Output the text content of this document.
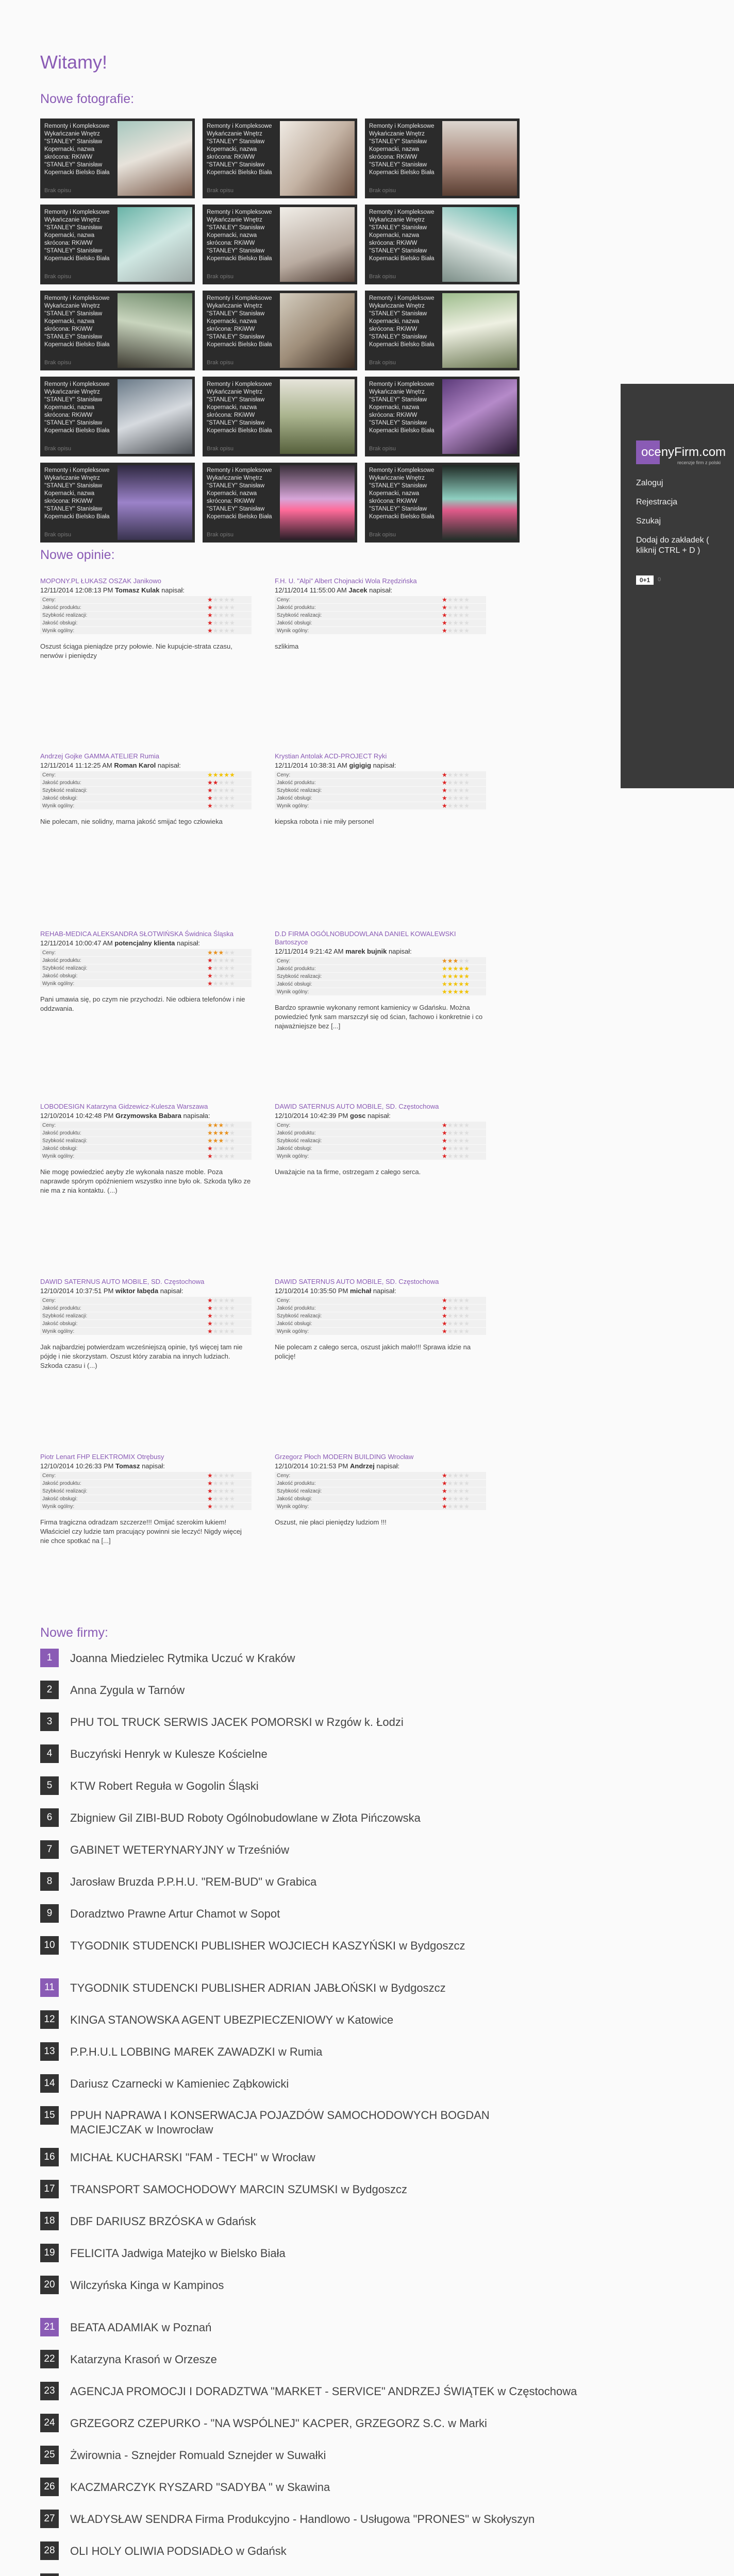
Witamy!
Nowe fotografie:
Remonty i Kompleksowe Wykańczanie Wnętrz "STANLEY" Stanisław Kopernacki, nazwa skrócona: RKiWW "STANLEY" Stanisław Kopernacki Bielsko Biała
Brak opisu
Remonty i Kompleksowe Wykańczanie Wnętrz "STANLEY" Stanisław Kopernacki, nazwa skrócona: RKiWW "STANLEY" Stanisław Kopernacki Bielsko Biała
Brak opisu
Remonty i Kompleksowe Wykańczanie Wnętrz "STANLEY" Stanisław Kopernacki, nazwa skrócona: RKiWW "STANLEY" Stanisław Kopernacki Bielsko Biała
Brak opisu
Remonty i Kompleksowe Wykańczanie Wnętrz "STANLEY" Stanisław Kopernacki, nazwa skrócona: RKiWW "STANLEY" Stanisław Kopernacki Bielsko Biała
Brak opisu
Remonty i Kompleksowe Wykańczanie Wnętrz "STANLEY" Stanisław Kopernacki, nazwa skrócona: RKiWW "STANLEY" Stanisław Kopernacki Bielsko Biała
Brak opisu
Remonty i Kompleksowe Wykańczanie Wnętrz "STANLEY" Stanisław Kopernacki, nazwa skrócona: RKiWW "STANLEY" Stanisław Kopernacki Bielsko Biała
Brak opisu
Remonty i Kompleksowe Wykańczanie Wnętrz "STANLEY" Stanisław Kopernacki, nazwa skrócona: RKiWW "STANLEY" Stanisław Kopernacki Bielsko Biała
Brak opisu
Remonty i Kompleksowe Wykańczanie Wnętrz "STANLEY" Stanisław Kopernacki, nazwa skrócona: RKiWW "STANLEY" Stanisław Kopernacki Bielsko Biała
Brak opisu
Remonty i Kompleksowe Wykańczanie Wnętrz "STANLEY" Stanisław Kopernacki, nazwa skrócona: RKiWW "STANLEY" Stanisław Kopernacki Bielsko Biała
Brak opisu
Remonty i Kompleksowe Wykańczanie Wnętrz "STANLEY" Stanisław Kopernacki, nazwa skrócona: RKiWW "STANLEY" Stanisław Kopernacki Bielsko Biała
Brak opisu
Remonty i Kompleksowe Wykańczanie Wnętrz "STANLEY" Stanisław Kopernacki, nazwa skrócona: RKiWW "STANLEY" Stanisław Kopernacki Bielsko Biała
Brak opisu
Remonty i Kompleksowe Wykańczanie Wnętrz "STANLEY" Stanisław Kopernacki, nazwa skrócona: RKiWW "STANLEY" Stanisław Kopernacki Bielsko Biała
Brak opisu
Remonty i Kompleksowe Wykańczanie Wnętrz "STANLEY" Stanisław Kopernacki, nazwa skrócona: RKiWW "STANLEY" Stanisław Kopernacki Bielsko Biała
Brak opisu
Remonty i Kompleksowe Wykańczanie Wnętrz "STANLEY" Stanisław Kopernacki, nazwa skrócona: RKiWW "STANLEY" Stanisław Kopernacki Bielsko Biała
Brak opisu
Remonty i Kompleksowe Wykańczanie Wnętrz "STANLEY" Stanisław Kopernacki, nazwa skrócona: RKiWW "STANLEY" Stanisław Kopernacki Bielsko Biała
Brak opisu
Nowe opinie:
MOPONY.PL ŁUKASZ OSZAK Janikowo
12/11/2014 12:08:13 PM Tomasz Kulak napisał:
Ceny:	★★★★★
Jakość produktu:	★★★★★
Szybkość realizacji:	★★★★★
Jakość obsługi:	★★★★★
Wynik ogólny:	★★★★★
Oszust ściąga pieniądze przy połowie. Nie kupujcie-strata czasu, nerwów i pieniędzy
F.H. U. "Alpi" Albert Chojnacki Wola Rzędzińska
12/11/2014 11:55:00 AM Jacek napisał:
Ceny:	★★★★★
Jakość produktu:	★★★★★
Szybkość realizacji:	★★★★★
Jakość obsługi:	★★★★★
Wynik ogólny:	★★★★★
szlikima
Andrzej Gojke GAMMA ATELIER Rumia
12/11/2014 11:12:25 AM Roman Karol napisał:
Ceny:	★★★★★
Jakość produktu:	★★★★★
Szybkość realizacji:	★★★★★
Jakość obsługi:	★★★★★
Wynik ogólny:	★★★★★
Nie polecam, nie solidny, marna jakość smijać tego człowieka
Krystian Antolak ACD-PROJECT Ryki
12/11/2014 10:38:31 AM gigigig napisał:
Ceny:	★★★★★
Jakość produktu:	★★★★★
Szybkość realizacji:	★★★★★
Jakość obsługi:	★★★★★
Wynik ogólny:	★★★★★
kiepska robota i nie miły personel
REHAB-MEDICA ALEKSANDRA SŁOTWIŃSKA Świdnica Śląska
12/11/2014 10:00:47 AM potencjalny klienta napisał:
Ceny:	★★★★★
Jakość produktu:	★★★★★
Szybkość realizacji:	★★★★★
Jakość obsługi:	★★★★★
Wynik ogólny:	★★★★★
Pani umawia się, po czym nie przychodzi. Nie odbiera telefonów i nie oddzwania.
D.D FIRMA OGÓLNOBUDOWLANA DANIEL KOWALEWSKI Bartoszyce
12/11/2014 9:21:42 AM marek bujnik napisał:
Ceny:	★★★★★
Jakość produktu:	★★★★★
Szybkość realizacji:	★★★★★
Jakość obsługi:	★★★★★
Wynik ogólny:	★★★★★
Bardzo sprawnie wykonany remont kamienicy w Gdańsku. Można powiedzieć fynk sam marszczył się od ścian, fachowo i konkretnie i co najważniejsze bez [...]
LOBODESIGN Katarzyna Gidzewicz-Kulesza Warszawa
12/10/2014 10:42:48 PM Grzymowska Babara napisała:
Ceny:	★★★★★
Jakość produktu:	★★★★★
Szybkość realizacji:	★★★★★
Jakość obsługi:	★★★★★
Wynik ogólny:	★★★★★
Nie mogę powiedzieć aeyby zle wykonała nasze moble. Poza naprawde spórym opóźnieniem wszystko inne było ok. Szkoda tylko ze nie ma z nia kontaktu. (...)
DAWID SATERNUS AUTO MOBILE, SD. Częstochowa
12/10/2014 10:42:39 PM gosc napisał:
Ceny:	★★★★★
Jakość produktu:	★★★★★
Szybkość realizacji:	★★★★★
Jakość obsługi:	★★★★★
Wynik ogólny:	★★★★★
Uważajcie na ta firme, ostrzegam z całego serca.
DAWID SATERNUS AUTO MOBILE, SD. Częstochowa
12/10/2014 10:37:51 PM wiktor łabęda napisał:
Ceny:	★★★★★
Jakość produktu:	★★★★★
Szybkość realizacji:	★★★★★
Jakość obsługi:	★★★★★
Wynik ogólny:	★★★★★
Jak najbardziej potwierdzam wcześniejszą opinie, tyś więcej tam nie pójdę i nie skorzystam. Oszust który zarabia na innych ludziach. Szkoda czasu i (...)
DAWID SATERNUS AUTO MOBILE, SD. Częstochowa
12/10/2014 10:35:50 PM michał napisał:
Ceny:	★★★★★
Jakość produktu:	★★★★★
Szybkość realizacji:	★★★★★
Jakość obsługi:	★★★★★
Wynik ogólny:	★★★★★
Nie polecam z całego serca, oszust jakich mało!!! Sprawa idzie na policję!
Piotr Lenart FHP ELEKTROMIX Otrębusy
12/10/2014 10:26:33 PM Tomasz napisał:
Ceny:	★★★★★
Jakość produktu:	★★★★★
Szybkość realizacji:	★★★★★
Jakość obsługi:	★★★★★
Wynik ogólny:	★★★★★
Firma tragiczna odradzam szczerze!!! Omijać szerokim łukiem! Właściciel czy ludzie tam pracujący powinni sie leczyć! Nigdy więcej nie chce spotkać na [...]
Grzegorz Płoch MODERN BUILDING Wrocław
12/10/2014 10:21:53 PM Andrzej napisał:
Ceny:	★★★★★
Jakość produktu:	★★★★★
Szybkość realizacji:	★★★★★
Jakość obsługi:	★★★★★
Wynik ogólny:	★★★★★
Oszust, nie płaci pieniędzy ludziom !!!
Nowe firmy:
1	Joanna Miedzielec Rytmika Uczuć w Kraków
2	Anna Zygula w Tarnów
3	PHU TOL TRUCK SERWIS JACEK POMORSKI w Rzgów k. Łodzi
4	Buczyński Henryk w Kulesze Kościelne
5	KTW Robert Reguła w Gogolin Śląski
6	Zbigniew Gil ZIBI-BUD Roboty Ogólnobudowlane w Złota Pińczowska
7	GABINET WETERYNARYJNY w Trześniów
8	Jarosław Bruzda P.P.H.U. "REM-BUD" w Grabica
9	Doradztwo Prawne Artur Chamot w Sopot
10	TYGODNIK STUDENCKI PUBLISHER WOJCIECH KASZYŃSKI w Bydgoszcz
11	TYGODNIK STUDENCKI PUBLISHER ADRIAN JABŁOŃSKI w Bydgoszcz
12	KINGA STANOWSKA AGENT UBEZPIECZENIOWY w Katowice
13	P.P.H.U.L LOBBING MAREK ZAWADZKI w Rumia
14	Dariusz Czarnecki w Kamieniec Ząbkowicki
15	PPUH NAPRAWA I KONSERWACJA POJAZDÓW SAMOCHODOWYCH BOGDAN MACIEJCZAK w Inowrocław
16	MICHAŁ KUCHARSKI "FAM - TECH" w Wrocław
17	TRANSPORT SAMOCHODOWY MARCIN SZUMSKI w Bydgoszcz
18	DBF DARIUSZ BRZÓSKA w Gdańsk
19	FELICITA Jadwiga Matejko w Bielsko Biała
20	Wilczyńska Kinga w Kampinos
21	BEATA ADAMIAK w Poznań
22	Katarzyna Krasoń w Orzesze
23	AGENCJA PROMOCJI I DORADZTWA "MARKET - SERVICE" ANDRZEJ ŚWIĄTEK w Częstochowa
24	GRZEGORZ CZEPURKO - "NA WSPÓLNEJ" KACPER, GRZEGORZ S.C. w Marki
25	Żwirownia - Sznejder Romuald Sznejder w Suwałki
26	KACZMARCZYK RYSZARD "SADYBA " w Skawina
27	WŁADYSŁAW SENDRA Firma Produkcyjno - Handlowo - Usługowa "PRONES" w Skołyszyn
28	OLI HOLY OLIWIA PODSIADŁO w Gdańsk
ocenyFirm.com
recenzje firm z polski
Zaloguj
Rejestracja
Szukaj
Dodaj do zakładek ( kliknij CTRL + D )
0+1	0
